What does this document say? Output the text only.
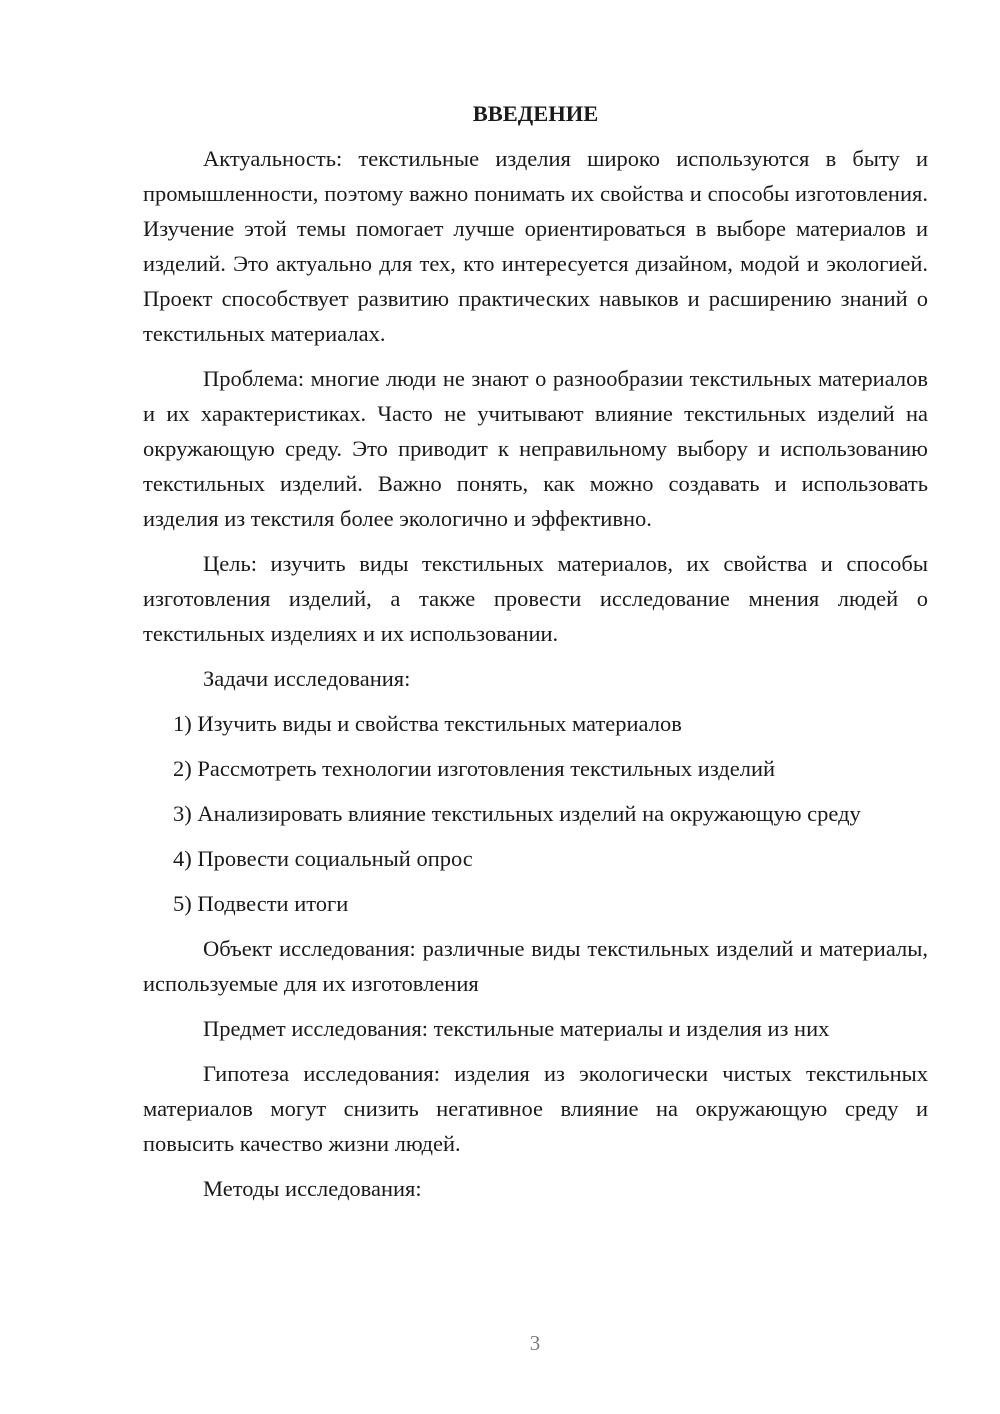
ВВЕДЕНИЕ

Актуальность: текстильные изделия широко используются в быту и промышленности, поэтому важно понимать их свойства и способы изготовления. Изучение этой темы помогает лучше ориентироваться в выборе материалов и изделий. Это актуально для тех, кто интересуется дизайном, модой и экологией. Проект способствует развитию практических навыков и расширению знаний о текстильных материалах.

Проблема: многие люди не знают о разнообразии текстильных материалов и их характеристиках. Часто не учитывают влияние текстильных изделий на окружающую среду. Это приводит к неправильному выбору и использованию текстильных изделий. Важно понять, как можно создавать и использовать изделия из текстиля более экологично и эффективно.

Цель: изучить виды текстильных материалов, их свойства и способы изготовления изделий, а также провести исследование мнения людей о текстильных изделиях и их использовании.

Задачи исследования:

1) Изучить виды и свойства текстильных материалов

2) Рассмотреть технологии изготовления текстильных изделий

3) Анализировать влияние текстильных изделий на окружающую среду

4) Провести социальный опрос

5) Подвести итоги

Объект исследования: различные виды текстильных изделий и материалы, используемые для их изготовления

Предмет исследования: текстильные материалы и изделия из них

Гипотеза исследования: изделия из экологически чистых текстильных материалов могут снизить негативное влияние на окружающую среду и повысить качество жизни людей.

Методы исследования:

3
